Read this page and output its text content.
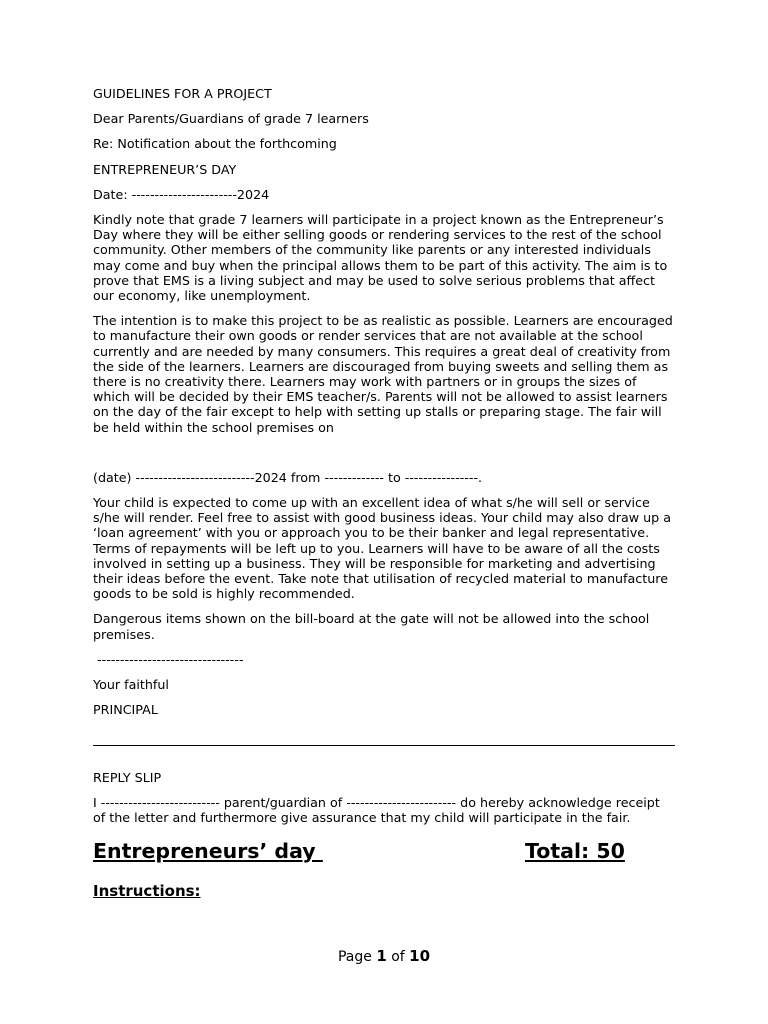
GUIDELINES FOR A PROJECT
Dear Parents/Guardians of grade 7 learners
Re: Notification about the forthcoming
ENTREPRENEUR’S DAY
Date: -----------------------2024

Kindly note that grade 7 learners will participate in a project known as the Entrepreneur’s Day where they will be either selling goods or rendering services to the rest of the school community. Other members of the community like parents or any interested individuals may come and buy when the principal allows them to be part of this activity. The aim is to prove that EMS is a living subject and may be used to solve serious problems that affect our economy, like unemployment.

The intention is to make this project to be as realistic as possible. Learners are encouraged to manufacture their own goods or render services that are not available at the school currently and are needed by many consumers. This requires a great deal of creativity from the side of the learners. Learners are discouraged from buying sweets and selling them as there is no creativity there. Learners may work with partners or in groups the sizes of which will be decided by their EMS teacher/s. Parents will not be allowed to assist learners on the day of the fair except to help with setting up stalls or preparing stage. The fair will be held within the school premises on

(date) --------------------------2024 from ------------- to ----------------.

Your child is expected to come up with an excellent idea of what s/he will sell or service s/he will render. Feel free to assist with good business ideas. Your child may also draw up a ‘loan agreement’ with you or approach you to be their banker and legal representative. Terms of repayments will be left up to you. Learners will have to be aware of all the costs involved in setting up a business. They will be responsible for marketing and advertising their ideas before the event. Take note that utilisation of recycled material to manufacture goods to be sold is highly recommended.

Dangerous items shown on the bill-board at the gate will not be allowed into the school premises.

--------------------------------
Your faithful
PRINCIPAL
REPLY SLIP

I -------------------------- parent/guardian of ------------------------ do hereby acknowledge receipt of the letter and furthermore give assurance that my child will participate in the fair.

Entrepreneurs’ day	Total: 50
Instructions:
Page 1 of 10
